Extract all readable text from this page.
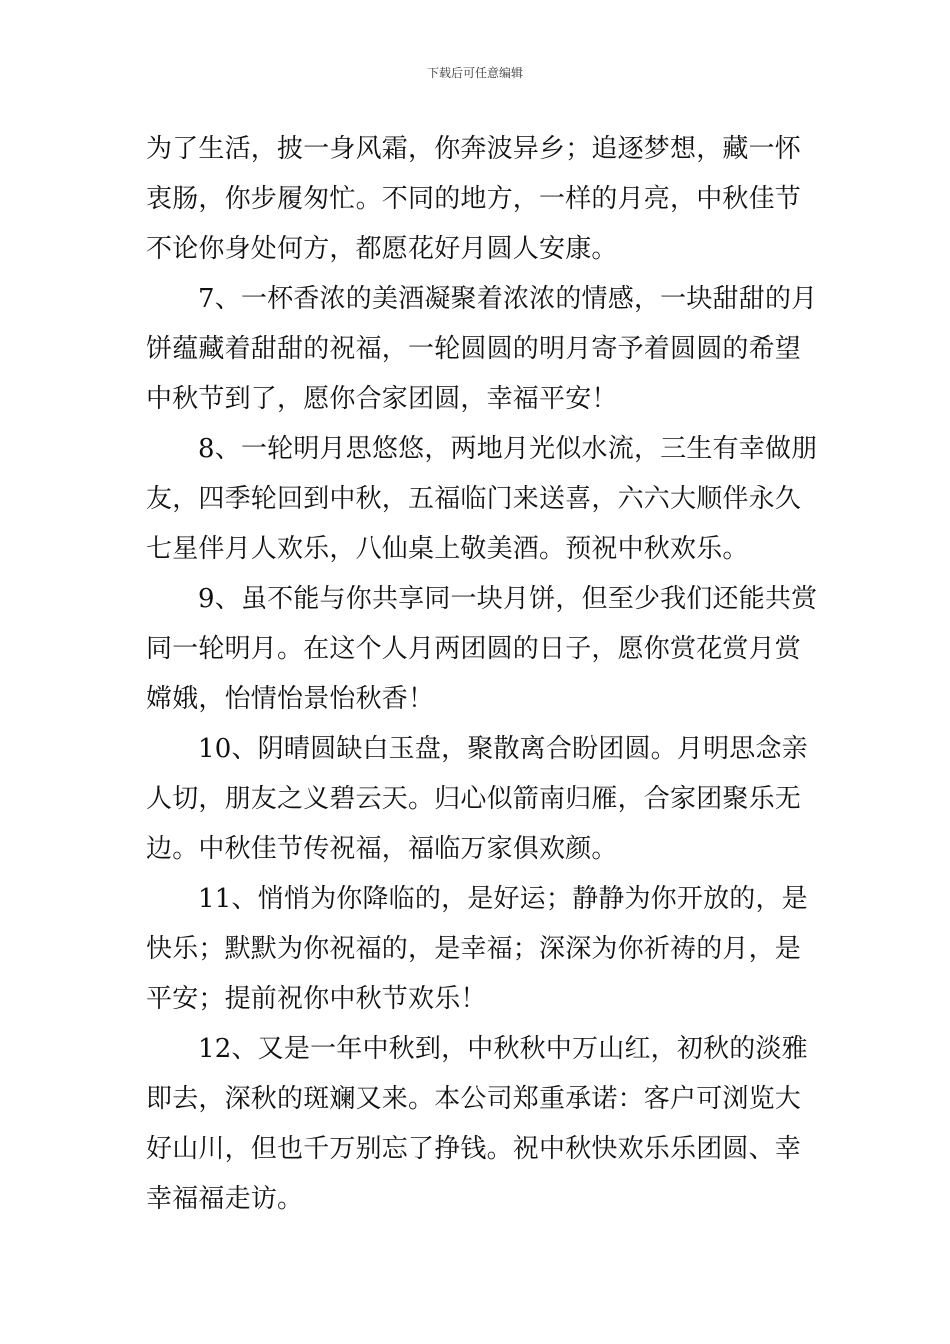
下载后可任意编辑
为了生活，披一身风霜，你奔波异乡；追逐梦想，藏一怀
衷肠，你步履匆忙。不同的地方，一样的月亮，中秋佳节
不论你身处何方，都愿花好月圆人安康。
7、一杯香浓的美酒凝聚着浓浓的情感，一块甜甜的月
饼蕴藏着甜甜的祝福，一轮圆圆的明月寄予着圆圆的希望
中秋节到了，愿你合家团圆，幸福平安！
8、一轮明月思悠悠，两地月光似水流，三生有幸做朋
友，四季轮回到中秋，五福临门来送喜，六六大顺伴永久
七星伴月人欢乐，八仙桌上敬美酒。预祝中秋欢乐。
9、虽不能与你共享同一块月饼，但至少我们还能共赏
同一轮明月。在这个人月两团圆的日子，愿你赏花赏月赏
嫦娥，怡情怡景怡秋香！
10、阴晴圆缺白玉盘，聚散离合盼团圆。月明思念亲
人切，朋友之义碧云天。归心似箭南归雁，合家团聚乐无
边。中秋佳节传祝福，福临万家俱欢颜。
11、悄悄为你降临的，是好运；静静为你开放的，是
快乐；默默为你祝福的，是幸福；深深为你祈祷的月，是
平安；提前祝你中秋节欢乐！
12、又是一年中秋到，中秋秋中万山红，初秋的淡雅
即去，深秋的斑斓又来。本公司郑重承诺：客户可浏览大
好山川，但也千万别忘了挣钱。祝中秋快欢乐乐团圆、幸
幸福福走访。
